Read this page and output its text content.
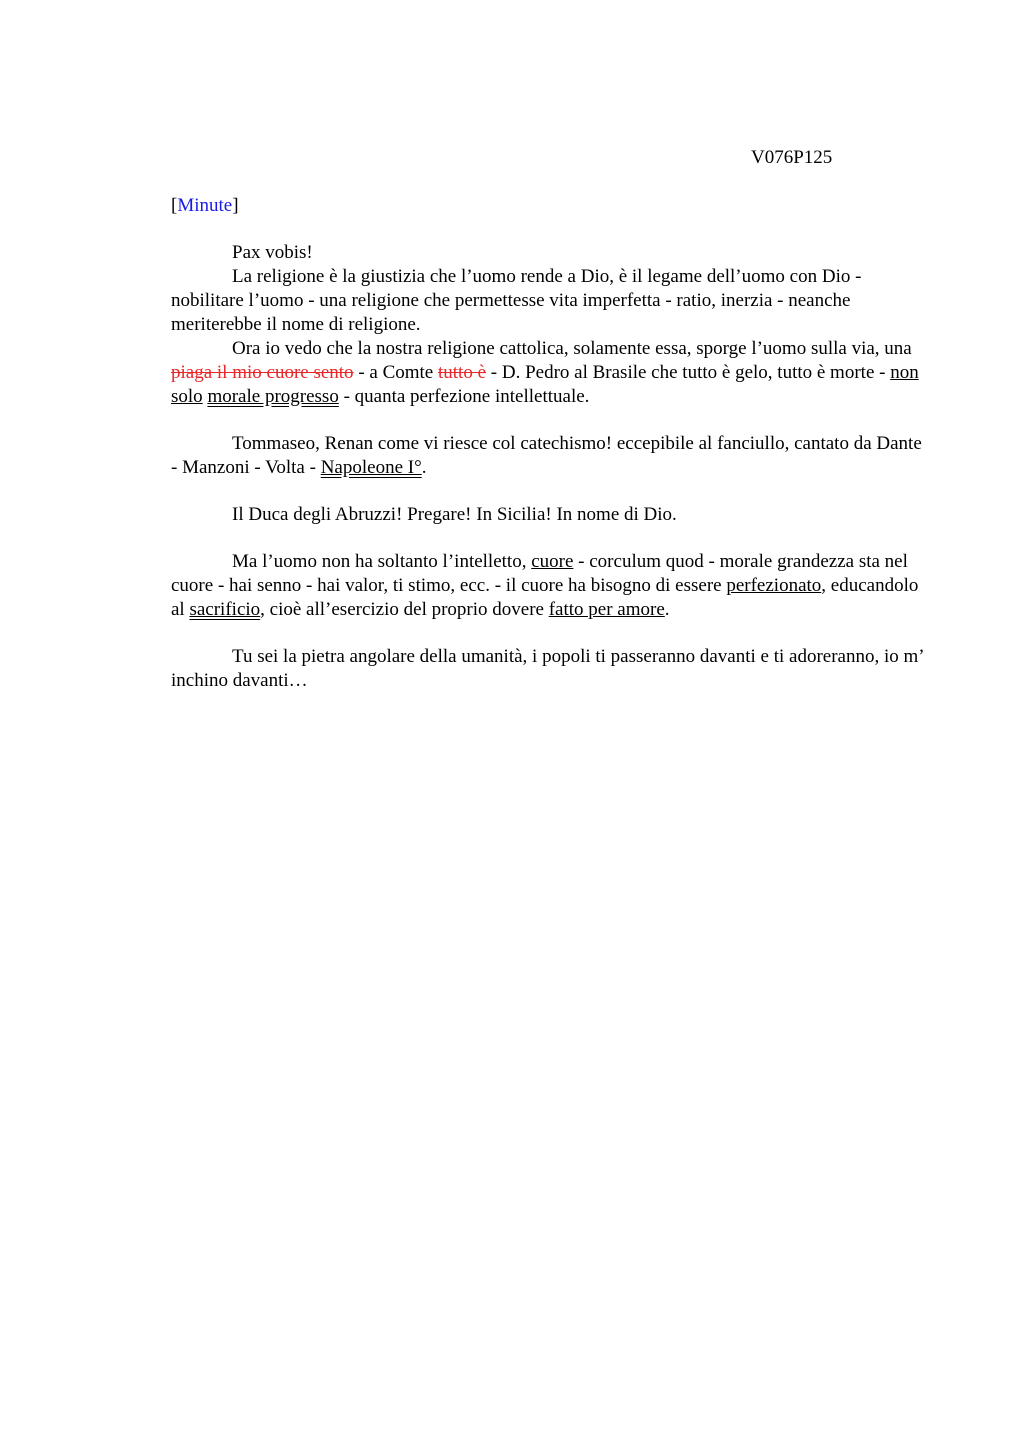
V076P125
[Minute]

Pax vobis!

La religione è la giustizia che l’uomo rende a Dio, è il legame dell’uomo con Dio - nobilitare l’uomo - una religione che permettesse vita imperfetta - ratio, inerzia - neanche meriterebbe il nome di religione.

Ora io vedo che la nostra religione cattolica, solamente essa, sporge l’uomo sulla via, una piaga il mio cuore sento - a Comte tutto è - D. Pedro al Brasile che tutto è gelo, tutto è morte - non solo morale progresso - quanta perfezione intellettuale.

Tommaseo, Renan come vi riesce col catechismo! eccepibile al fanciullo, cantato da Dante - Manzoni - Volta - Napoleone I°.

Il Duca degli Abruzzi! Pregare! In Sicilia! In nome di Dio.

Ma l’uomo non ha soltanto l’intelletto, cuore - corculum quod - morale grandezza sta nel cuore - hai senno - hai valor, ti stimo, ecc. - il cuore ha bisogno di essere perfezionato, educandolo al sacrificio, cioè all’esercizio del proprio dovere fatto per amore.

Tu sei la pietra angolare della umanità, i popoli ti passeranno davanti e ti adoreranno, io m’ inchino davanti…
